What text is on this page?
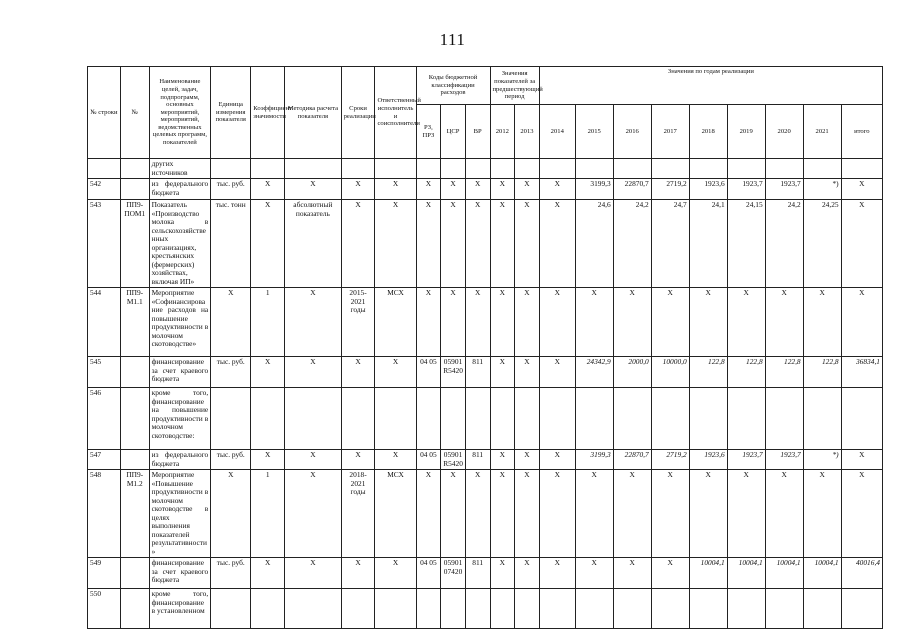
111
№ строки	№	Наименование целей, задач, подпрограмм, основных мероприятий, мероприятий, ведомственных целевых программ, показателей	Единица измерения показателя	Коэффициент значимости	Методика расчета показателя	Сроки реализации	Ответственный исполнитель и соисполнители	Коды бюджетной классификации расходов			Значения показателей за предшествующий период		Значения по годам реализации								
								РЗ, ПРЗ	ЦСР	ВР	2012	2013	2014	2015	2016	2017	2018	2019	2020	2021	итого
		других источников																			
542		из федерального бюджета	тыс. руб.	X	X	X	X	X	X	X	X	X	X	3199,3	22870,7	2719,2	1923,6	1923,7	1923,7	*)	X
543	ПП9-ПОМ1	Показатель «Производство молока в сельскохозяйственных организациях, крестьянских (фермерских) хозяйствах, включая ИП»	тыс. тонн	X	абсолютный показатель	X	X	X	X	X	X	X	X	24,6	24,2	24,7	24,1	24,15	24,2	24,25	X
544	ПП9-М1.1	Мероприятие «Софинансирование расходов на повышение продуктивности в молочном скотоводстве»	X	1	X	2015-2021 годы	МСХ	X	X	X	X	X	X	X	X	X	X	X	X	X	X
545		финансирование за счет краевого бюджета	тыс. руб.	X	X	X	X	04 05	05901 R5420	811	X	X	X	24342,9	2000,0	10000,0	122,8	122,8	122,8	122,8	36834,1
546		кроме того, финансирование на повышение продуктивности в молочном скотоводстве:																			
547		из федерального бюджета	тыс. руб.	X	X	X	X	04 05	05901 R5420	811	X	X	X	3199,3	22870,7	2719,2	1923,6	1923,7	1923,7	*)	X
548	ПП9-М1.2	Мероприятие «Повышение продуктивности в молочном скотоводстве в целях выполнения показателей результативности»	X	1	X	2018-2021 годы	МСХ	X	X	X	X	X	X	X	X	X	X	X	X	X	X
549		финансирование за счет краевого бюджета	тыс. руб.	X	X	X	X	04 05	05901 07420	811	X	X	X	X	X	X	10004,1	10004,1	10004,1	10004,1	40016,4
550		кроме того, финансирование в установленном																			
